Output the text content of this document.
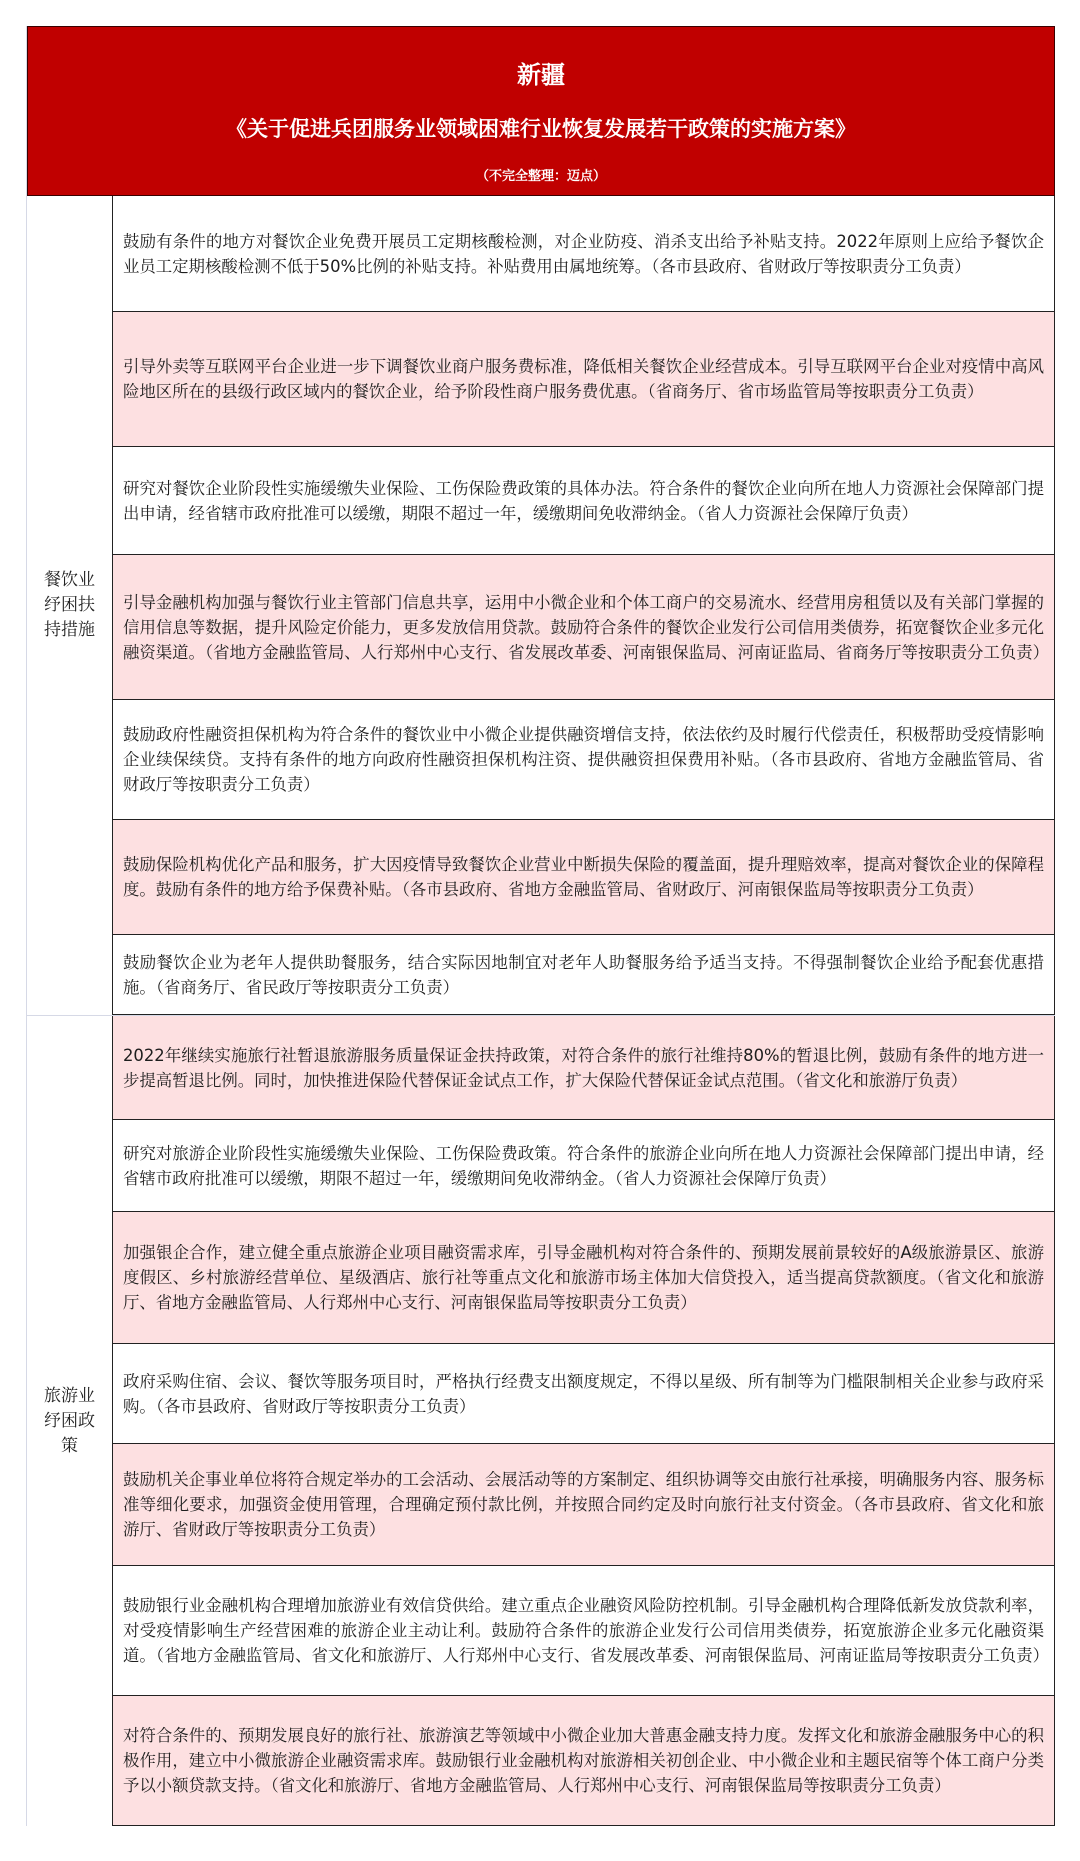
新疆
《关于促进兵团服务业领域困难行业恢复发展若干政策的实施方案》
（不完全整理：迈点）
餐饮业纾困扶持措施

鼓励有条件的地方对餐饮企业免费开展员工定期核酸检测，对企业防疫、消杀支出给予补贴支持。2022年原则上应给予餐饮企业员工定期核酸检测不低于50%比例的补贴支持。补贴费用由属地统筹。（各市县政府、省财政厅等按职责分工负责）

引导外卖等互联网平台企业进一步下调餐饮业商户服务费标准，降低相关餐饮企业经营成本。引导互联网平台企业对疫情中高风险地区所在的县级行政区域内的餐饮企业，给予阶段性商户服务费优惠。（省商务厅、省市场监管局等按职责分工负责）

研究对餐饮企业阶段性实施缓缴失业保险、工伤保险费政策的具体办法。符合条件的餐饮企业向所在地人力资源社会保障部门提出申请，经省辖市政府批准可以缓缴，期限不超过一年，缓缴期间免收滞纳金。（省人力资源社会保障厅负责）

引导金融机构加强与餐饮行业主管部门信息共享，运用中小微企业和个体工商户的交易流水、经营用房租赁以及有关部门掌握的信用信息等数据，提升风险定价能力，更多发放信用贷款。鼓励符合条件的餐饮企业发行公司信用类债券，拓宽餐饮企业多元化融资渠道。（省地方金融监管局、人行郑州中心支行、省发展改革委、河南银保监局、河南证监局、省商务厅等按职责分工负责）

鼓励政府性融资担保机构为符合条件的餐饮业中小微企业提供融资增信支持，依法依约及时履行代偿责任，积极帮助受疫情影响企业续保续贷。支持有条件的地方向政府性融资担保机构注资、提供融资担保费用补贴。（各市县政府、省地方金融监管局、省财政厅等按职责分工负责）

鼓励保险机构优化产品和服务，扩大因疫情导致餐饮企业营业中断损失保险的覆盖面，提升理赔效率，提高对餐饮企业的保障程度。鼓励有条件的地方给予保费补贴。（各市县政府、省地方金融监管局、省财政厅、河南银保监局等按职责分工负责）

鼓励餐饮企业为老年人提供助餐服务，结合实际因地制宜对老年人助餐服务给予适当支持。不得强制餐饮企业给予配套优惠措施。（省商务厅、省民政厅等按职责分工负责）

旅游业纾困政策

2022年继续实施旅行社暂退旅游服务质量保证金扶持政策，对符合条件的旅行社维持80%的暂退比例，鼓励有条件的地方进一步提高暂退比例。同时，加快推进保险代替保证金试点工作，扩大保险代替保证金试点范围。（省文化和旅游厅负责）

研究对旅游企业阶段性实施缓缴失业保险、工伤保险费政策。符合条件的旅游企业向所在地人力资源社会保障部门提出申请，经省辖市政府批准可以缓缴，期限不超过一年，缓缴期间免收滞纳金。（省人力资源社会保障厅负责）

加强银企合作，建立健全重点旅游企业项目融资需求库，引导金融机构对符合条件的、预期发展前景较好的A级旅游景区、旅游度假区、乡村旅游经营单位、星级酒店、旅行社等重点文化和旅游市场主体加大信贷投入，适当提高贷款额度。（省文化和旅游厅、省地方金融监管局、人行郑州中心支行、河南银保监局等按职责分工负责）

政府采购住宿、会议、餐饮等服务项目时，严格执行经费支出额度规定，不得以星级、所有制等为门槛限制相关企业参与政府采购。（各市县政府、省财政厅等按职责分工负责）

鼓励机关企事业单位将符合规定举办的工会活动、会展活动等的方案制定、组织协调等交由旅行社承接，明确服务内容、服务标准等细化要求，加强资金使用管理，合理确定预付款比例，并按照合同约定及时向旅行社支付资金。（各市县政府、省文化和旅游厅、省财政厅等按职责分工负责）

鼓励银行业金融机构合理增加旅游业有效信贷供给。建立重点企业融资风险防控机制。引导金融机构合理降低新发放贷款利率，对受疫情影响生产经营困难的旅游企业主动让利。鼓励符合条件的旅游企业发行公司信用类债券，拓宽旅游企业多元化融资渠道。（省地方金融监管局、省文化和旅游厅、人行郑州中心支行、省发展改革委、河南银保监局、河南证监局等按职责分工负责）

对符合条件的、预期发展良好的旅行社、旅游演艺等领域中小微企业加大普惠金融支持力度。发挥文化和旅游金融服务中心的积极作用，建立中小微旅游企业融资需求库。鼓励银行业金融机构对旅游相关初创企业、中小微企业和主题民宿等个体工商户分类予以小额贷款支持。（省文化和旅游厅、省地方金融监管局、人行郑州中心支行、河南银保监局等按职责分工负责）
